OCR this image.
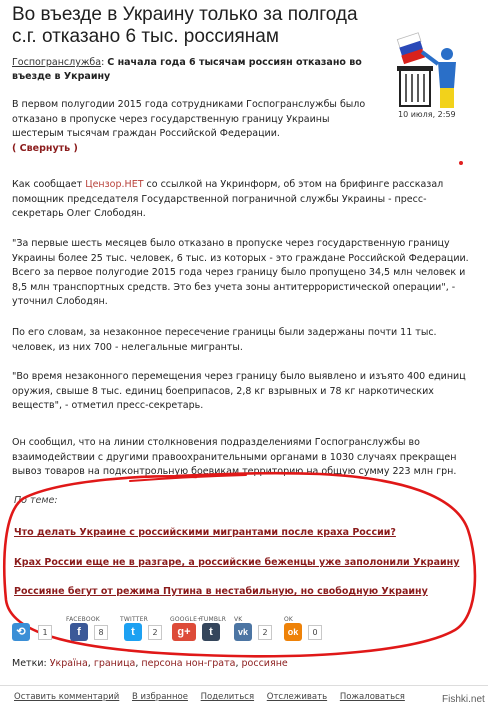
Во въезде в Украину только за полгода с.г. отказано 6 тыс. россиянам
Госпогранслужба: С начала года 6 тысячам россиян отказано во въезде в Украину
10 июля, 2:59
В первом полугодии 2015 года сотрудниками Госпогранслужбы было отказано в пропуске через государственную границу Украины шестерым тысячам граждан Российской Федерации.
( Свернуть )
Как сообщает Цензор.НЕТ со ссылкой на Укринформ, об этом на брифинге рассказал помощник председателя Государственной пограничной службы Украины - пресс-секретарь Олег Слободян.
"За первые шесть месяцев было отказано в пропуске через государственную границу Украины более 25 тыс. человек, 6 тыс. из которых - это граждане Российской Федерации. Всего за первое полугодие 2015 года через границу было пропущено 34,5 млн человек и 8,5 млн транспортных средств. Это без учета зоны антитеррористической операции", - уточнил Слободян.
По его словам, за незаконное пересечение границы были задержаны почти 11 тыс. человек, из них 700 - нелегальные мигранты.
"Во время незаконного перемещения через границу было выявлено и изъято 400 единиц оружия, свыше 8 тыс. единиц боеприпасов, 2,8 кг взрывных и 78 кг наркотических веществ", - отметил пресс-секретарь.
Он сообщил, что на линии столкновения подразделениями Госпогранслужбы во взаимодействии с другими правоохранительными органами в 1030 случаях прекращен вывоз товаров на подконтрольную боевикам территорию на общую сумму 223 млн грн.
По теме:
Что делать Украине с российскими мигрантами после краха России?
Крах России еще не в разгаре, а российские беженцы уже заполонили Украину
Россияне бегут от режима Путина в нестабильную, но свободную Украину
⟲	1
FACEBOOK
f	8
TWITTER
t	2
GOOGLE+
g+
TUMBLR
t
VK
vk	2
OK
ok	0
Метки: Україна, граница, персона нон-грата, россияне
Оставить комментарий В избранное Поделиться Отслеживать Пожаловаться	Fishki.net
